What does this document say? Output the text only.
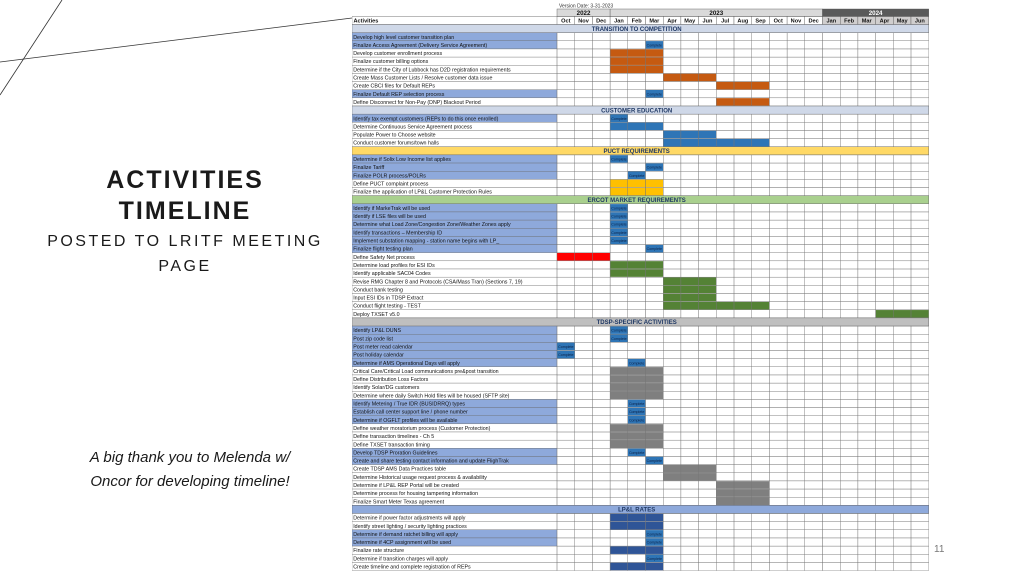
ACTIVITIES
TIMELINE
POSTED TO LRITF MEETING
PAGE
A big thank you to Melenda w/
Oncor for developing timeline!
11
Version Date: 3-31-2023
2022	2023	2024
Activities	Oct Nov Dec Jan Feb Mar Apr May Jun Jul Aug Sep Oct Nov Dec Jan Feb Mar Apr May Jun
TRANSITION TO COMPETITION
Develop high level customer transition plan
Finalize Access Agreement (Delivery Service Agreement)	Complete
Develop customer enrollment process
Finalize customer billing options
Determine if the City of Lubbock has D2D registration requirements
Create Mass Customer Lists / Resolve customer data issue
Create CBCI files for Default REPs
Finalize Default REP selection process	Complete
Define Disconnect for Non-Pay (DNP) Blackout Period
CUSTOMER EDUCATION
Identify tax exempt customers (REPs to do this once enrolled)	Complete
Determine Continuous Service Agreement process
Populate Power to Choose website
Conduct customer forums/town halls
PUCT REQUIREMENTS
Determine if Solix Low Income list applies	Complete
Finalize Tariff	Complete
Finalize POLR process/POLRs	Complete
Define PUCT complaint process
Finalize the application of LP&L Customer Protection Rules
ERCOT MARKET REQUIREMENTS
Identify if MarkeTrak will be used	Complete
Identify if LSE files will be used	Complete
Determine what Load Zone/Congestion Zone/Weather Zones apply	Complete
Identify transactions – Membership ID	Complete
Implement substation mapping - station name begins with LP_	Complete
Finalize flight testing plan	Complete
Define Safety Net process
Determine load profiles for ESI IDs
Identify applicable SAC04 Codes
Revise RMG Chapter 8 and Protocols (CSA/Mass Tran) (Sections 7, 19)
Conduct bank testing
Input ESI IDs in TDSP Extract
Conduct flight testing - TEST
Deploy TXSET v5.0
TDSP-SPECIFIC ACTIVITIES
Identify LP&L DUNS	Complete
Post zip code list	Complete
Post meter read calendar	Complete
Post holiday calendar	Complete
Determine if AMS Operational Days will apply	Complete
Critical Care/Critical Load communications pre&post transition
Define Distribution Loss Factors
Identify Solar/DG customers
Determine where daily Switch Hold files will be housed (SFTP site)
Identify Metering / True IDR (BUSIDRRQ) types	Complete
Establish call center support line / phone number	Complete
Determine if OGFLT profiles will be available	Complete
Define weather moratorium process (Customer Protection)
Define transaction timelines - Ch 5
Define TXSET transaction timing
Develop TDSP Proration Guidelines	Complete
Create and share testing contact information and update FlighTrak	Complete
Create TDSP AMS Data Practices table
Determine Historical usage request process & availability
Determine if LP&L REP Portal will be created
Determine process for housing tampering information
Finalize Smart Meter Texas agreement
LP&L RATES
Determine if power factor adjustments will apply
Identify street lighting / security lighting practices
Determine if demand ratchet billing will apply	Complete
Determine if 4CP assignment will be used	Complete
Finalize rate structure
Determine if transition charges will apply	Complete
Create timeline and complete registration of REPs
